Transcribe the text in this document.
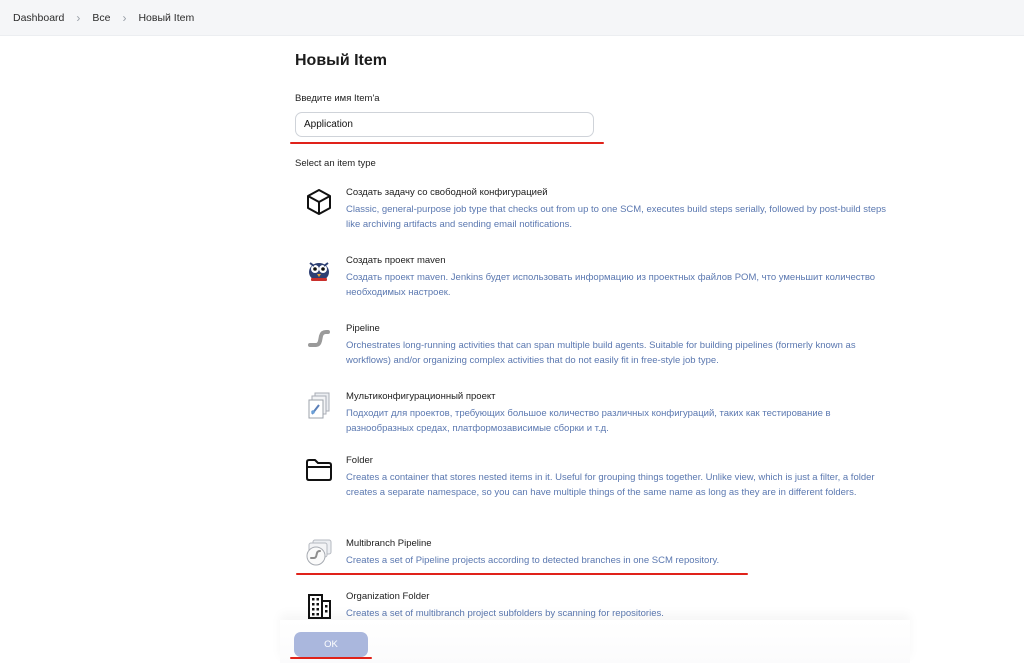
Dashboard › Все › Новый Item
Новый Item
Введите имя Item'а
Application
Select an item type
Создать задачу со свободной конфигурацией
Classic, general-purpose job type that checks out from up to one SCM, executes build steps serially, followed by post-build steps like archiving artifacts and sending email notifications.
Создать проект maven
Создать проект maven. Jenkins будет использовать информацию из проектных файлов POM, что уменьшит количество необходимых настроек.
Pipeline
Orchestrates long-running activities that can span multiple build agents. Suitable for building pipelines (formerly known as workflows) and/or organizing complex activities that do not easily fit in free-style job type.
Мультиконфигурационный проект
Подходит для проектов, требующих большое количество различных конфигураций, таких как тестирование в разнообразных средах, платформозависимые сборки и т.д.
Folder
Creates a container that stores nested items in it. Useful for grouping things together. Unlike view, which is just a filter, a folder creates a separate namespace, so you can have multiple things of the same name as long as they are in different folders.
Multibranch Pipeline
Creates a set of Pipeline projects according to detected branches in one SCM repository.
Organization Folder
Creates a set of multibranch project subfolders by scanning for repositories.
OK
